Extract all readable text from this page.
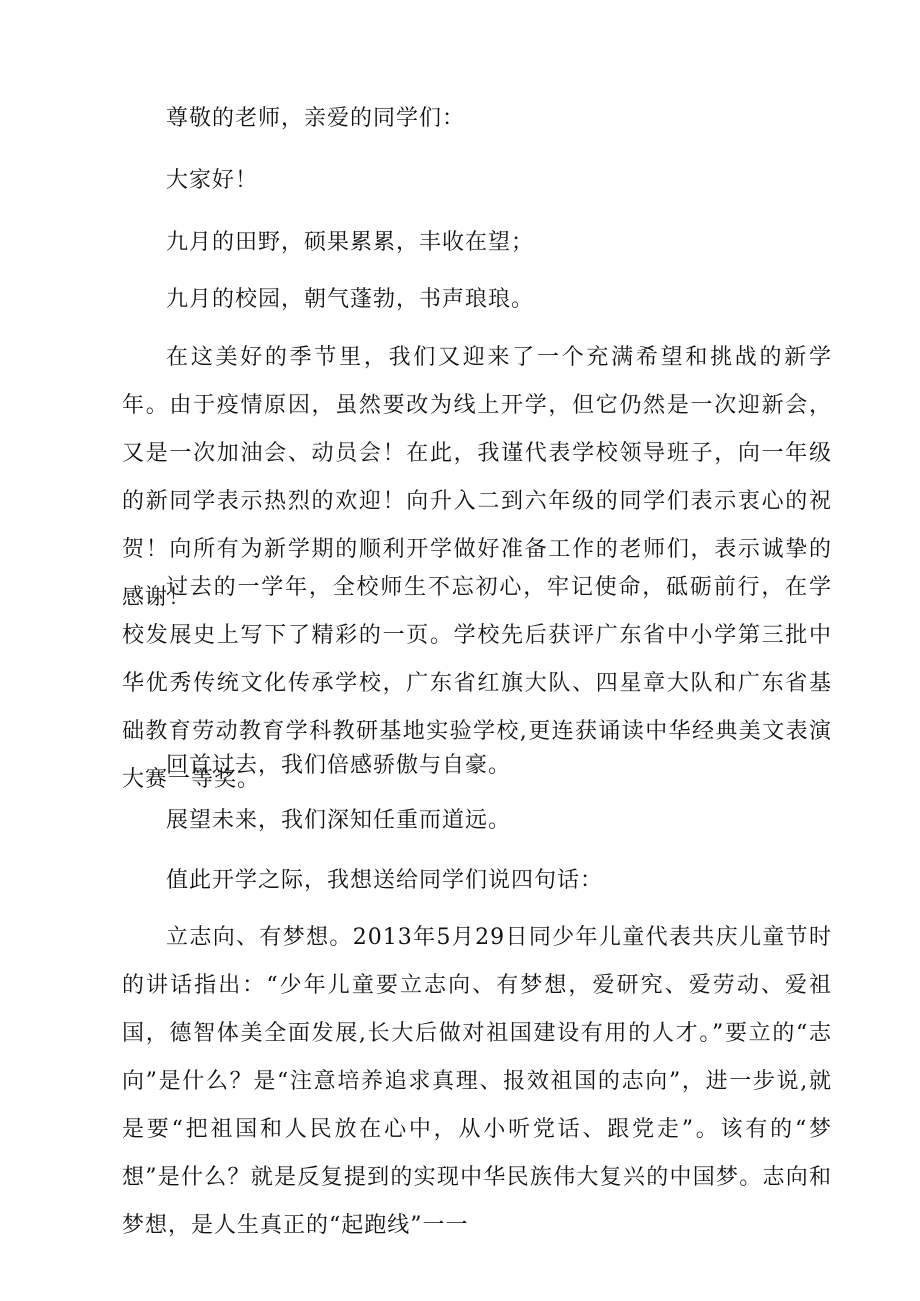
尊敬的老师，亲爱的同学们：
大家好！
九月的田野，硕果累累，丰收在望；
九月的校园，朝气蓬勃，书声琅琅。
在这美好的季节里，我们又迎来了一个充满希望和挑战的新学年。由于疫情原因，虽然要改为线上开学，但它仍然是一次迎新会，又是一次加油会、动员会！在此，我谨代表学校领导班子，向一年级的新同学表示热烈的欢迎！向升入二到六年级的同学们表示衷心的祝贺！向所有为新学期的顺利开学做好准备工作的老师们，表示诚挚的感谢！
过去的一学年，全校师生不忘初心，牢记使命，砥砺前行，在学校发展史上写下了精彩的一页。学校先后获评广东省中小学第三批中华优秀传统文化传承学校，广东省红旗大队、四星章大队和广东省基础教育劳动教育学科教研基地实验学校,更连获诵读中华经典美文表演大赛一等奖。
回首过去，我们倍感骄傲与自豪。
展望未来，我们深知任重而道远。
值此开学之际，我想送给同学们说四句话：
立志向、有梦想。2013年5月29日同少年儿童代表共庆儿童节时的讲话指出：“少年儿童要立志向、有梦想，爱研究、爱劳动、爱祖国，德智体美全面发展,长大后做对祖国建设有用的人才。”要立的“志向”是什么？是“注意培养追求真理、报效祖国的志向”，进一步说,就是要“把祖国和人民放在心中，从小听党话、跟党走”。该有的“梦想”是什么？就是反复提到的实现中华民族伟大复兴的中国梦。志向和梦想，是人生真正的“起跑线”一一
